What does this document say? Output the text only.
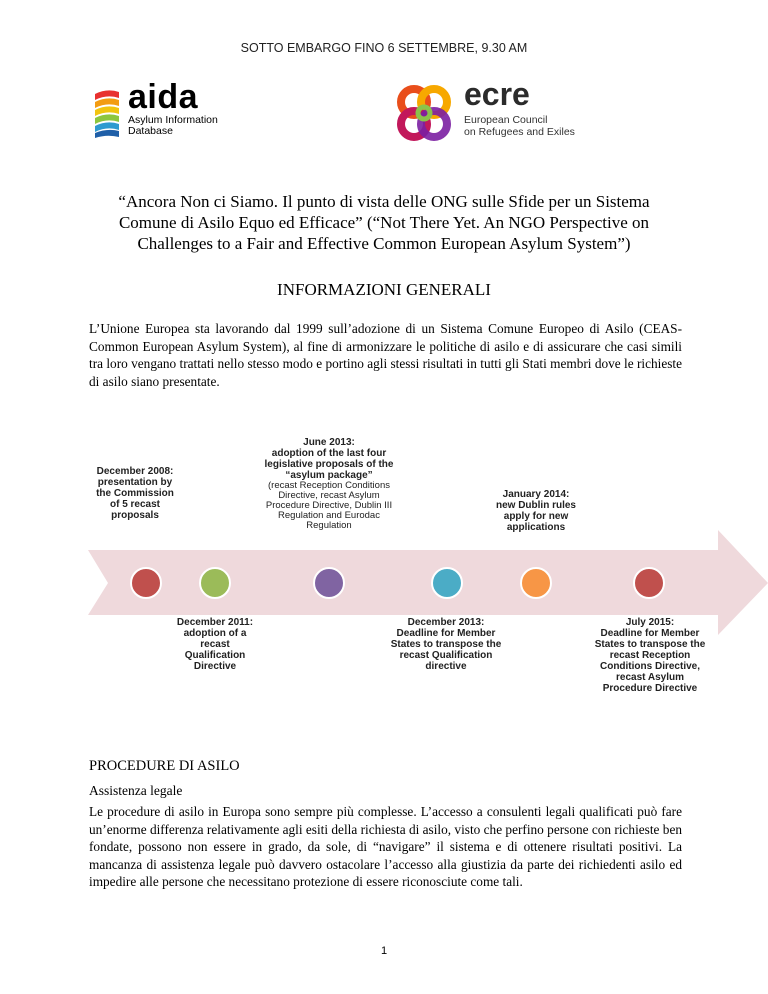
SOTTO EMBARGO FINO 6 SETTEMBRE, 9.30 AM
aida
Asylum Information
Database
ecre
European Council
on Refugees and Exiles
“Ancora Non ci Siamo. Il punto di vista delle ONG sulle Sfide per un Sistema
Comune di Asilo Equo ed Efficace” (“Not There Yet. An NGO Perspective on
Challenges to a Fair and Effective Common European Asylum System”)
INFORMAZIONI GENERALI
L’Unione Europea sta lavorando dal 1999 sull’adozione di un Sistema Comune Europeo di Asilo (CEAS- Common European Asylum System), al fine di armonizzare le politiche di asilo e di assicurare che casi simili tra loro vengano trattati nello stesso modo e portino agli stessi risultati in tutti gli Stati membri dove le richieste di asilo siano presentate.
December 2008:
presentation by the Commission of 5 recast proposals
June 2013:
adoption of the last four legislative proposals of the “asylum package”
(recast Reception Conditions Directive, recast Asylum Procedure Directive, Dublin III Regulation and Eurodac Regulation
January 2014:
new Dublin rules apply for new applications
December 2011:
adoption of a recast Qualification Directive
December 2013:
Deadline for Member States to transpose the recast Qualification directive
July 2015:
Deadline for Member States to transpose the recast Reception Conditions Directive, recast Asylum Procedure Directive
PROCEDURE DI ASILO
Assistenza legale
Le procedure di asilo in Europa sono sempre più complesse. L’accesso a consulenti legali qualificati può fare un’enorme differenza relativamente agli esiti della richiesta di asilo, visto che perfino persone con richieste ben fondate, possono non essere in grado, da sole, di “navigare” il sistema e di ottenere risultati positivi. La mancanza di assistenza legale può davvero ostacolare l’accesso alla giustizia da parte dei richiedenti asilo ed impedire alle persone che necessitano protezione di essere riconosciute come tali.
1
